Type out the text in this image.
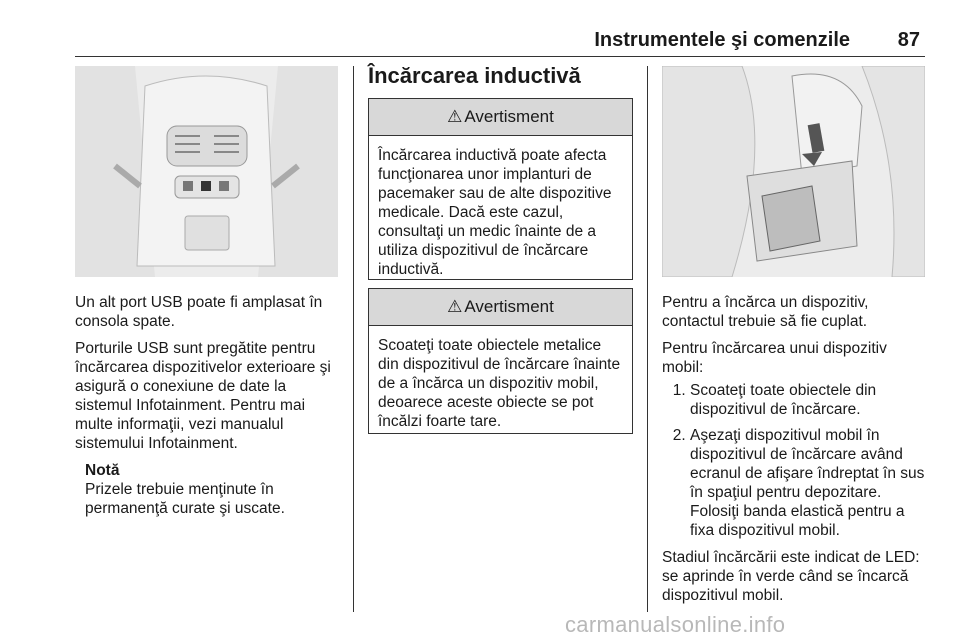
Instrumentele şi comenzile 87

Un alt port USB poate fi amplasat în consola spate.

Porturile USB sunt pregătite pentru încărcarea dispozitivelor exterioare şi asigură o conexiune de date la sistemul Infotainment. Pentru mai multe informaţii, vezi manualul sistemului Infotainment.

Notă
Prizele trebuie menţinute în permanenţă curate şi uscate.
Încărcarea inductivă
⚠ Avertisment
Încărcarea inductivă poate afecta funcţionarea unor implanturi de pacemaker sau de alte dispozitive medicale. Dacă este cazul, consultaţi un medic înainte de a utiliza dispozitivul de încărcare inductivă.
⚠ Avertisment
Scoateţi toate obiectele metalice din dispozitivul de încărcare înainte de a încărca un dispozitiv mobil, deoarece aceste obiecte se pot încălzi foarte tare.

Pentru a încărca un dispozitiv, contactul trebuie să fie cuplat.

Pentru încărcarea unui dispozitiv mobil:

1. Scoateţi toate obiectele din dispozitivul de încărcare.
2. Aşezaţi dispozitivul mobil în dispozitivul de încărcare având ecranul de afişare îndreptat în sus în spaţiul pentru depozitare. Folosiţi banda elastică pentru a fixa dispozitivul mobil.

Stadiul încărcării este indicat de LED: se aprinde în verde când se încarcă dispozitivul mobil.

carmanualsonline.info
